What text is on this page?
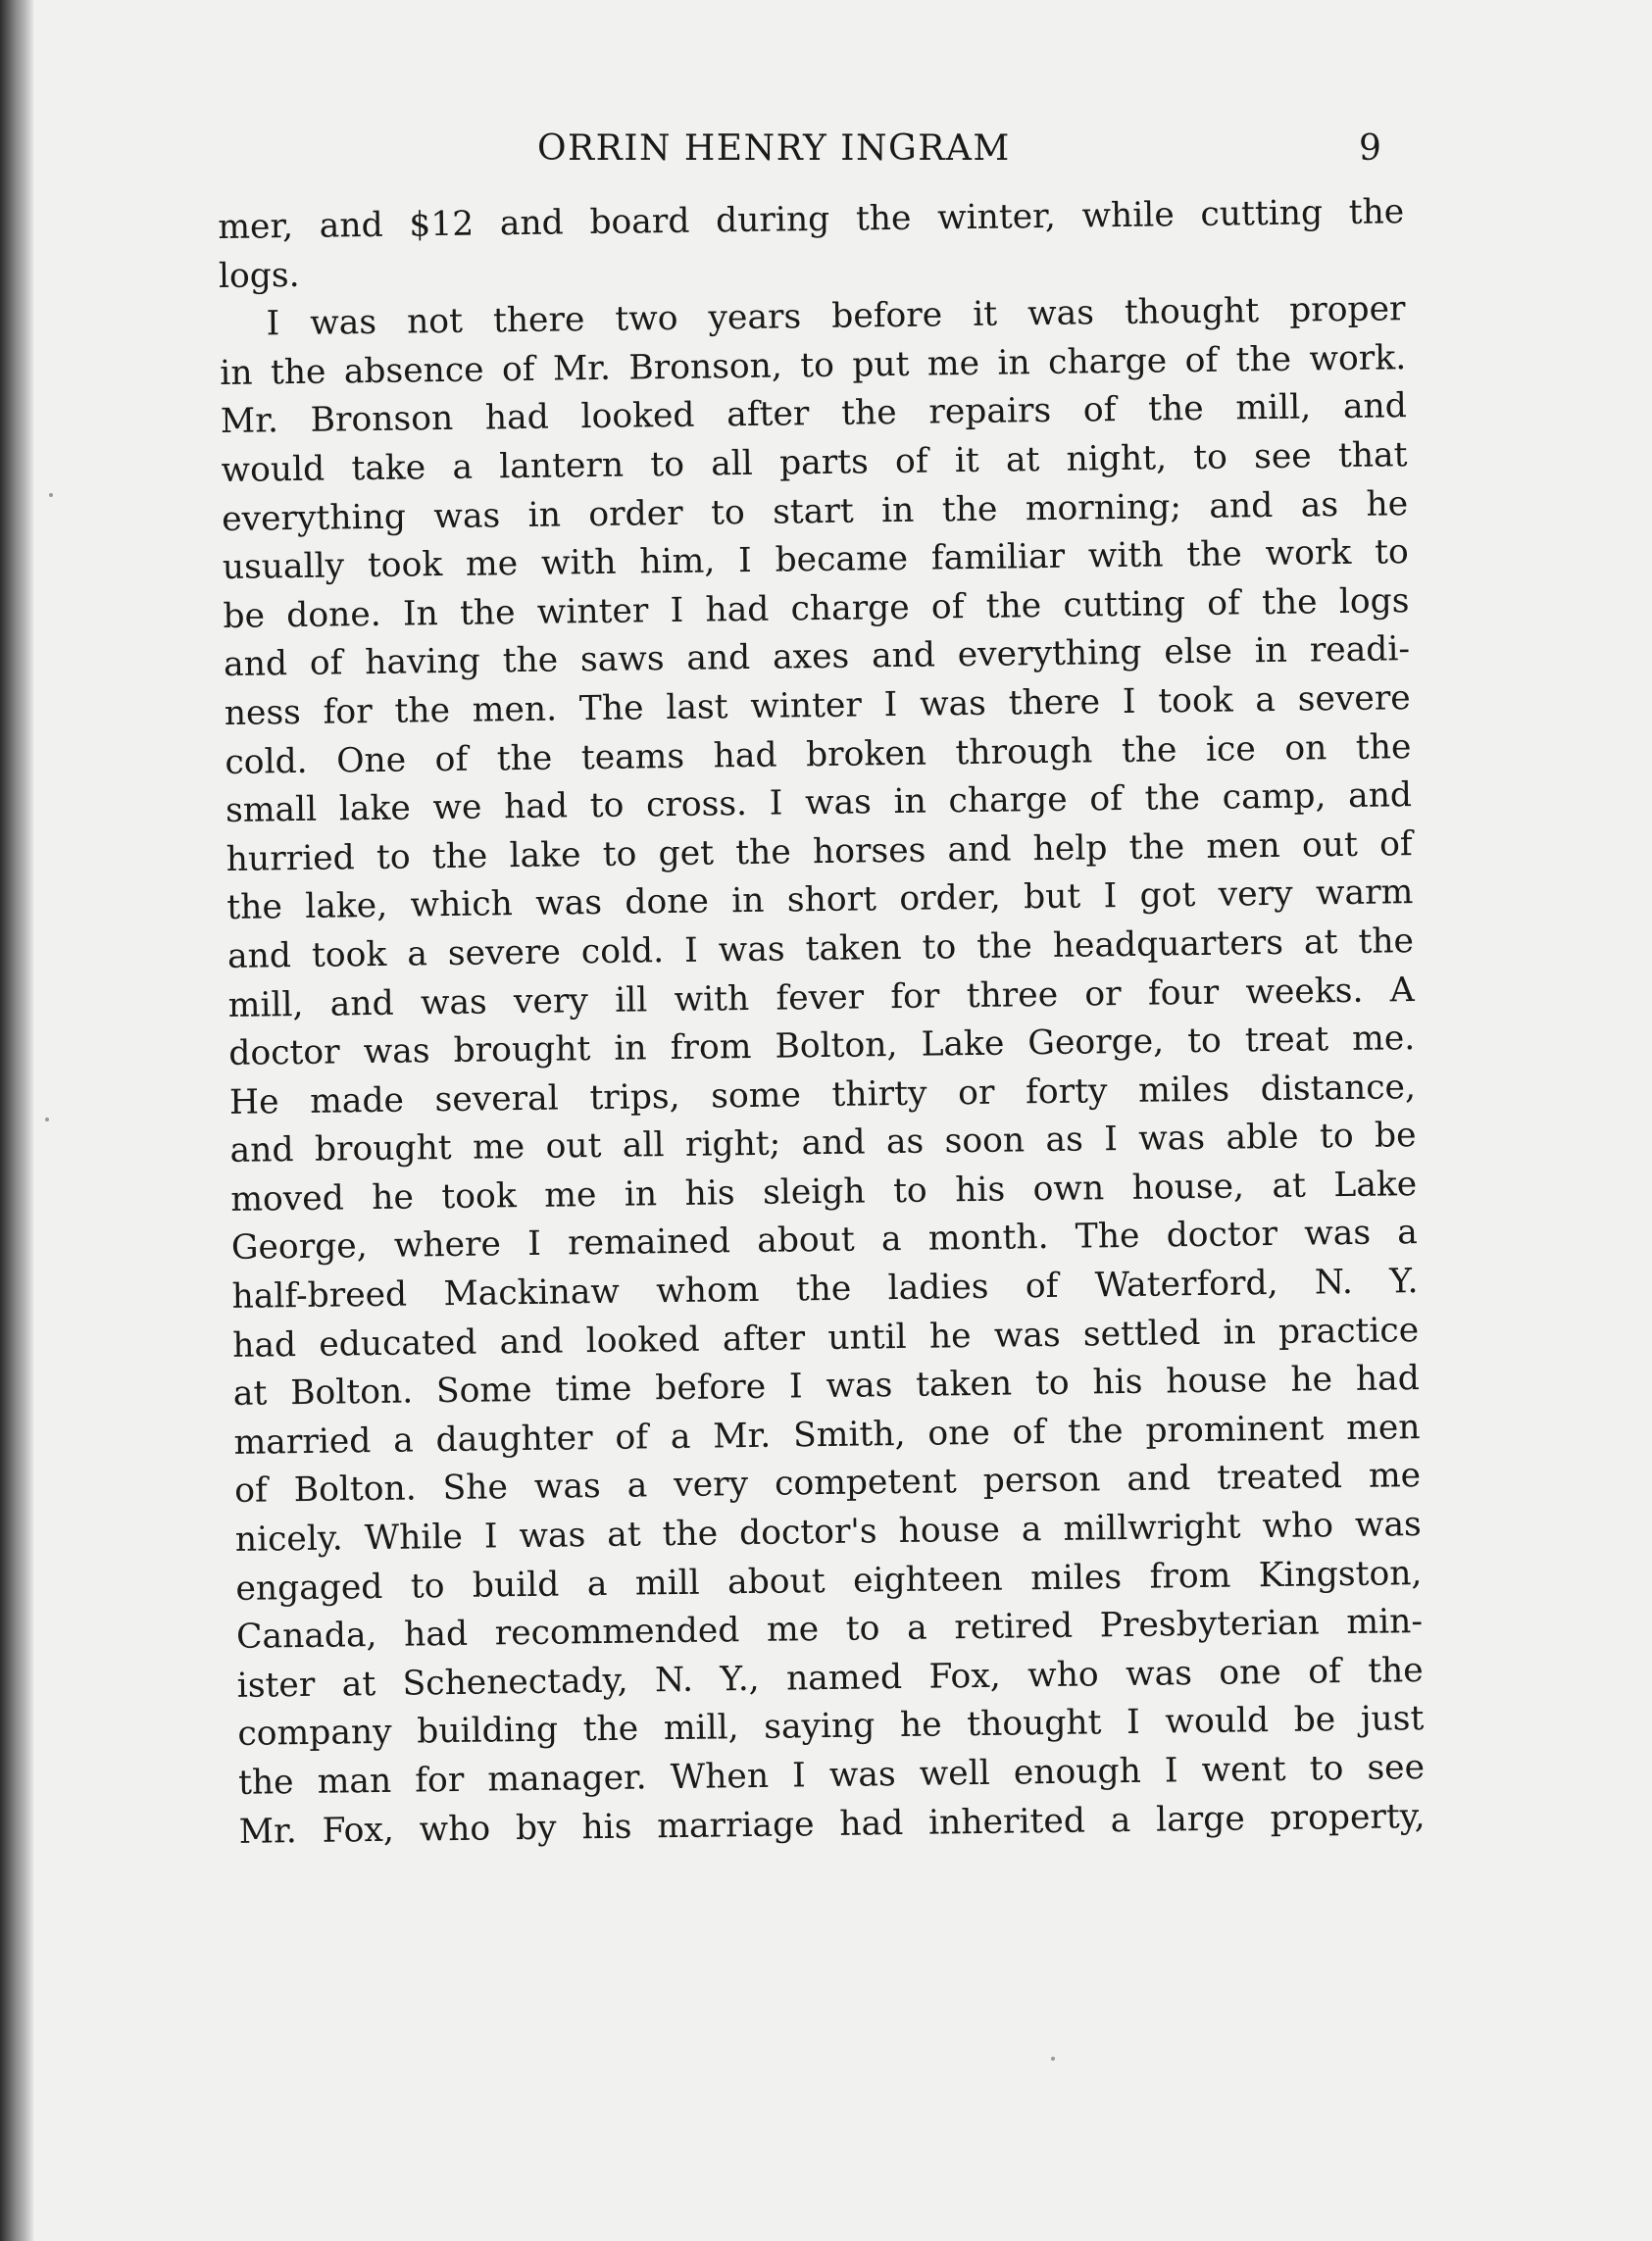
ORRIN HENRY INGRAM	9
mer, and $12 and board during the winter, while cutting the
logs.
I was not there two years before it was thought proper
in the absence of Mr. Bronson, to put me in charge of the work.
Mr. Bronson had looked after the repairs of the mill, and
would take a lantern to all parts of it at night, to see that
everything was in order to start in the morning; and as he
usually took me with him, I became familiar with the work to
be done. In the winter I had charge of the cutting of the logs
and of having the saws and axes and everything else in readi-
ness for the men. The last winter I was there I took a severe
cold. One of the teams had broken through the ice on the
small lake we had to cross. I was in charge of the camp, and
hurried to the lake to get the horses and help the men out of
the lake, which was done in short order, but I got very warm
and took a severe cold. I was taken to the headquarters at the
mill, and was very ill with fever for three or four weeks. A
doctor was brought in from Bolton, Lake George, to treat me.
He made several trips, some thirty or forty miles distance,
and brought me out all right; and as soon as I was able to be
moved he took me in his sleigh to his own house, at Lake
George, where I remained about a month. The doctor was a
half-breed Mackinaw whom the ladies of Waterford, N. Y.
had educated and looked after until he was settled in practice
at Bolton. Some time before I was taken to his house he had
married a daughter of a Mr. Smith, one of the prominent men
of Bolton. She was a very competent person and treated me
nicely. While I was at the doctor's house a millwright who was
engaged to build a mill about eighteen miles from Kingston,
Canada, had recommended me to a retired Presbyterian min-
ister at Schenectady, N. Y., named Fox, who was one of the
company building the mill, saying he thought I would be just
the man for manager. When I was well enough I went to see
Mr. Fox, who by his marriage had inherited a large property,
